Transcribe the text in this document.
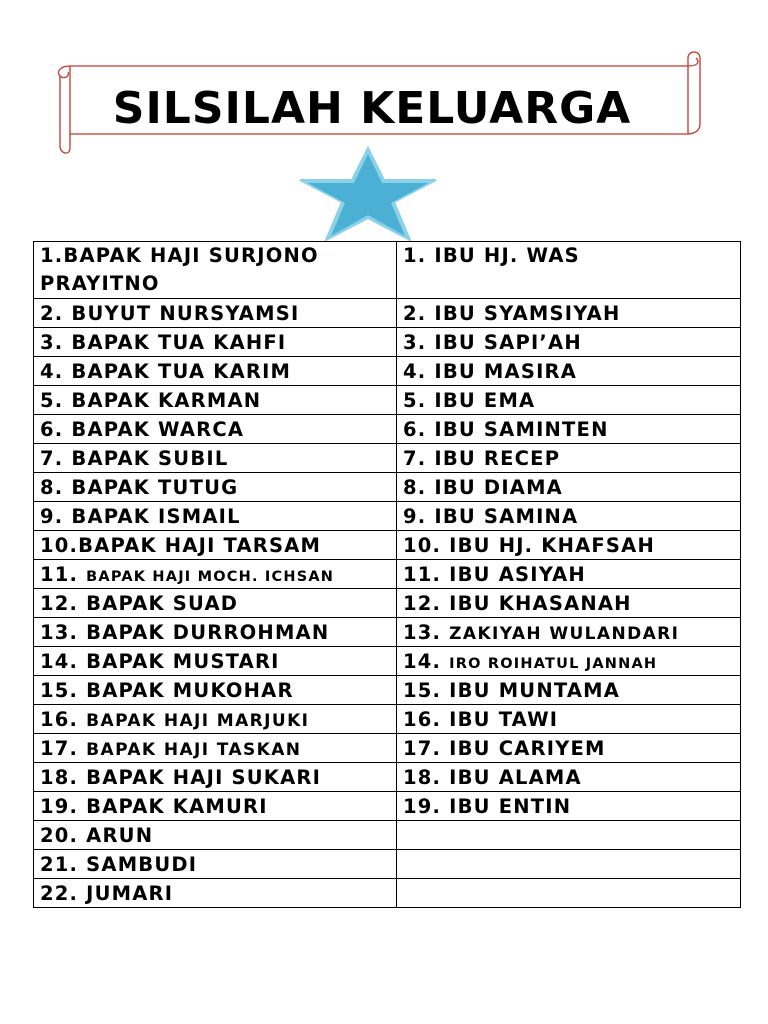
SILSILAH KELUARGA
1.BAPAK HAJI SURJONO PRAYITNO	1. IBU HJ. WAS
2. BUYUT NURSYAMSI	2. IBU SYAMSIYAH
3. BAPAK TUA KAHFI	3. IBU SAPI’AH
4. BAPAK TUA KARIM	4. IBU MASIRA
5. BAPAK KARMAN	5. IBU EMA
6. BAPAK WARCA	6. IBU SAMINTEN
7. BAPAK SUBIL	7. IBU RECEP
8. BAPAK TUTUG	8. IBU DIAMA
9. BAPAK ISMAIL	9. IBU SAMINA
10.BAPAK HAJI TARSAM	10. IBU HJ. KHAFSAH
11. BAPAK HAJI MOCH. ICHSAN	11. IBU ASIYAH
12. BAPAK SUAD	12. IBU KHASANAH
13. BAPAK DURROHMAN	13. ZAKIYAH WULANDARI
14. BAPAK MUSTARI	14. IRO ROIHATUL JANNAH
15. BAPAK MUKOHAR	15. IBU MUNTAMA
16. BAPAK HAJI MARJUKI	16. IBU TAWI
17. BAPAK HAJI TASKAN	17. IBU CARIYEM
18. BAPAK HAJI SUKARI	18. IBU ALAMA
19. BAPAK KAMURI	19. IBU ENTIN
20. ARUN	
21. SAMBUDI	
22. JUMARI	
